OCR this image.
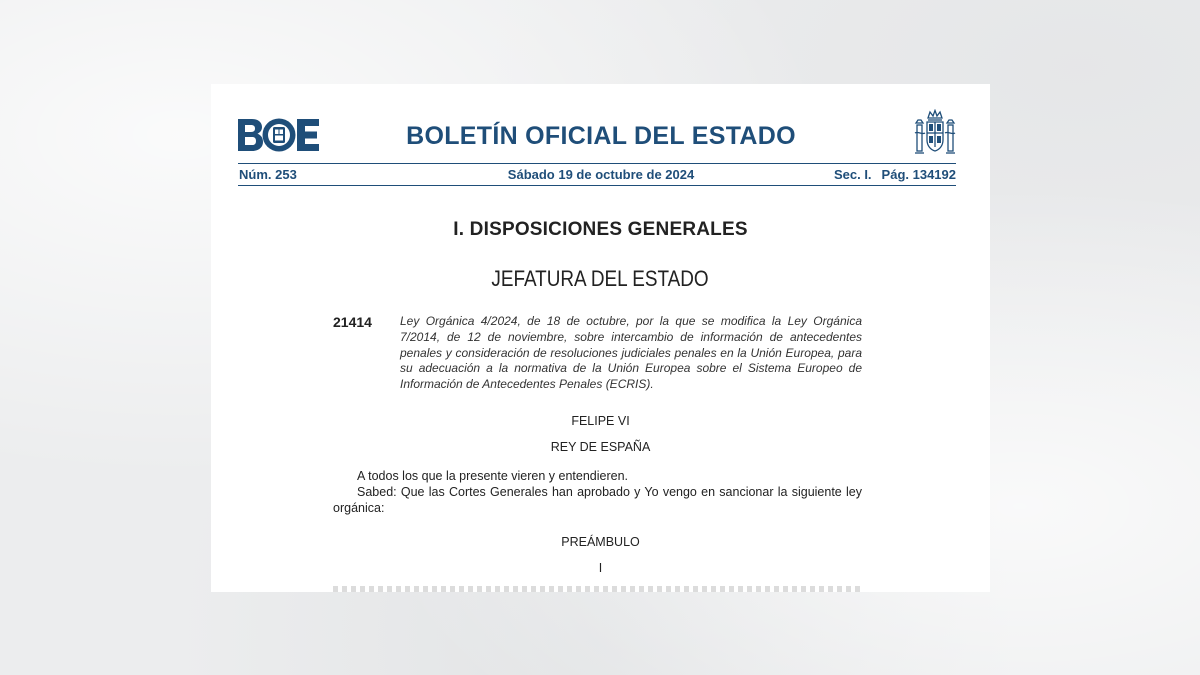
BOLETÍN OFICIAL DEL ESTADO
Núm. 253	Sábado 19 de octubre de 2024	Sec. I. Pág. 134192
I. DISPOSICIONES GENERALES
JEFATURA DEL ESTADO
21414 Ley Orgánica 4/2024, de 18 de octubre, por la que se modifica la Ley Orgánica 7/2014, de 12 de noviembre, sobre intercambio de información de antecedentes penales y consideración de resoluciones judiciales penales en la Unión Europea, para su adecuación a la normativa de la Unión Europea sobre el Sistema Europeo de Información de Antecedentes Penales (ECRIS).
FELIPE VI
REY DE ESPAÑA

A todos los que la presente vieren y entendieren.

Sabed: Que las Cortes Generales han aprobado y Yo vengo en sancionar la siguiente ley orgánica:

PREÁMBULO
I
